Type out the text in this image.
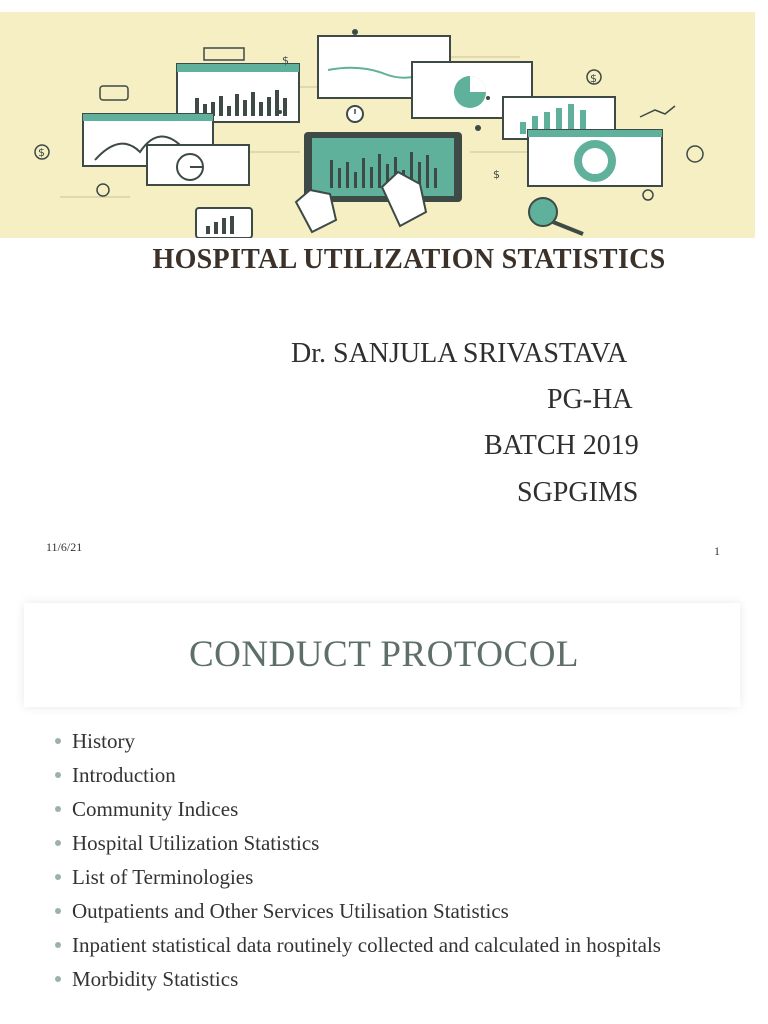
$
$
$
$
HOSPITAL UTILIZATION STATISTICS
Dr. SANJULA SRIVASTAVA
PG-HA
BATCH 2019
SGPGIMS
11/6/21	1
CONDUCT PROTOCOL
History
Introduction
Community Indices
Hospital Utilization Statistics
List of Terminologies
Outpatients and Other Services Utilisation Statistics
Inpatient statistical data routinely collected and calculated in hospitals
Morbidity Statistics
